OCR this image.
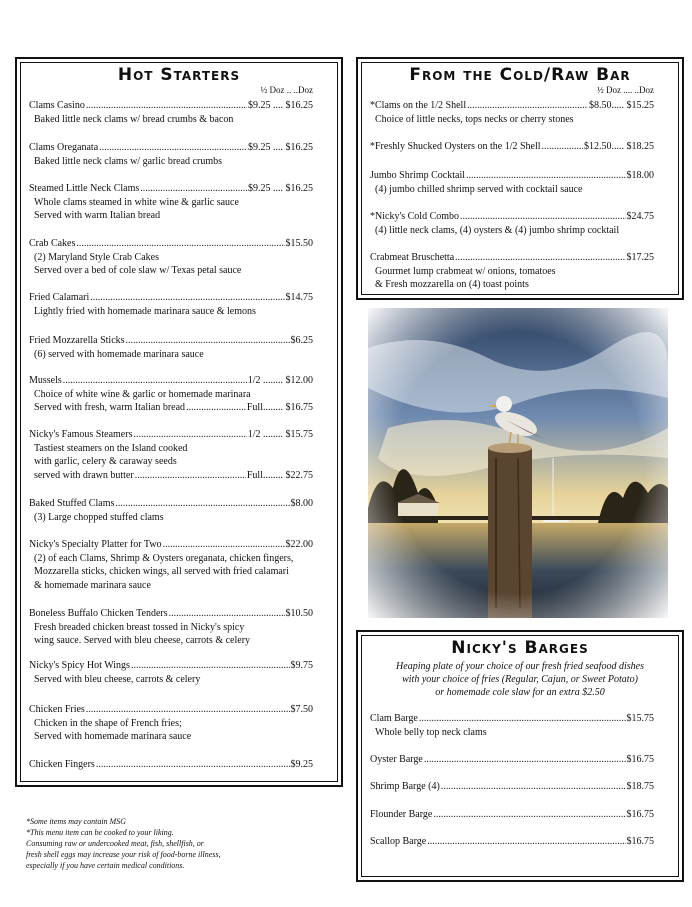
Hot Starters
½ Doz .. ..Doz
Clams Casino .....	$9.25 .... $16.25
Baked little neck clams w/ bread crumbs & bacon
Clams Oreganata .....	$9.25 .... $16.25
Baked little neck clams w/ garlic bread crumbs
Steamed Little Neck Clams .....	$9.25 .... $16.25
Whole clams steamed in white wine & garlic sauce
Served with warm Italian bread
Crab Cakes .....	$15.50
(2) Maryland Style Crab Cakes
Served over a bed of cole slaw w/ Texas petal sauce
Fried Calamari .....	$14.75
Lightly fried with homemade marinara sauce & lemons
Fried Mozzarella Sticks .....	$6.25
(6) served with homemade marinara sauce
Mussels .....	1/2 ........ $12.00
Choice of white wine & garlic or homemade marinara
Served with fresh, warm Italian bread .....	Full........ $16.75
Nicky's Famous Steamers .....	1/2 ........ $15.75
Tastiest steamers on the Island cooked
with garlic, celery & caraway seeds
served with drawn butter .....	Full........ $22.75
Baked Stuffed Clams .....	$8.00
(3) Large chopped stuffed clams
Nicky's Specialty Platter for Two .....	$22.00
(2) of each Clams, Shrimp & Oysters oreganata, chicken fingers,
Mozzarella sticks, chicken wings, all served with fried calamari
& homemade marinara sauce
Boneless Buffalo Chicken Tenders .....	$10.50
Fresh breaded chicken breast tossed in Nicky's spicy
wing sauce. Served with bleu cheese, carrots & celery
Nicky's Spicy Hot Wings .....	$9.75
Served with bleu cheese, carrots & celery
Chicken Fries .....	$7.50
Chicken in the shape of French fries;
Served with homemade marinara sauce
Chicken Fingers .....	$9.25
From the Cold/Raw Bar
½ Doz .... ..Doz
*Clams on the 1/2 Shell .....	$8.50..... $15.25
Choice of little necks, tops necks or cherry stones
*Freshly Shucked Oysters on the 1/2 Shell .....	$12.50..... $18.25
Jumbo Shrimp Cocktail .....	$18.00
(4) jumbo chilled shrimp served with cocktail sauce
*Nicky's Cold Combo .....	$24.75
(4) little neck clams, (4) oysters & (4) jumbo shrimp cocktail
Crabmeat Bruschetta .....	$17.25
Gourmet lump crabmeat w/ onions, tomatoes
& Fresh mozzarella on (4) toast points
Nicky's Barges
Heaping plate of your choice of our fresh fried seafood dishes
with your choice of fries (Regular, Cajun, or Sweet Potato)
or homemade cole slaw for an extra $2.50
Clam Barge .....	$15.75
Whole belly top neck clams
Oyster Barge .....	$16.75
Shrimp Barge (4) .....	$18.75
Flounder Barge .....	$16.75
Scallop Barge .....	$16.75
*Some items may contain MSG
*This menu item can be cooked to your liking.
Consuming raw or undercooked meat, fish, shellfish, or
fresh shell eggs may increase your risk of food-borne illness,
especially if you have certain medical conditions.
